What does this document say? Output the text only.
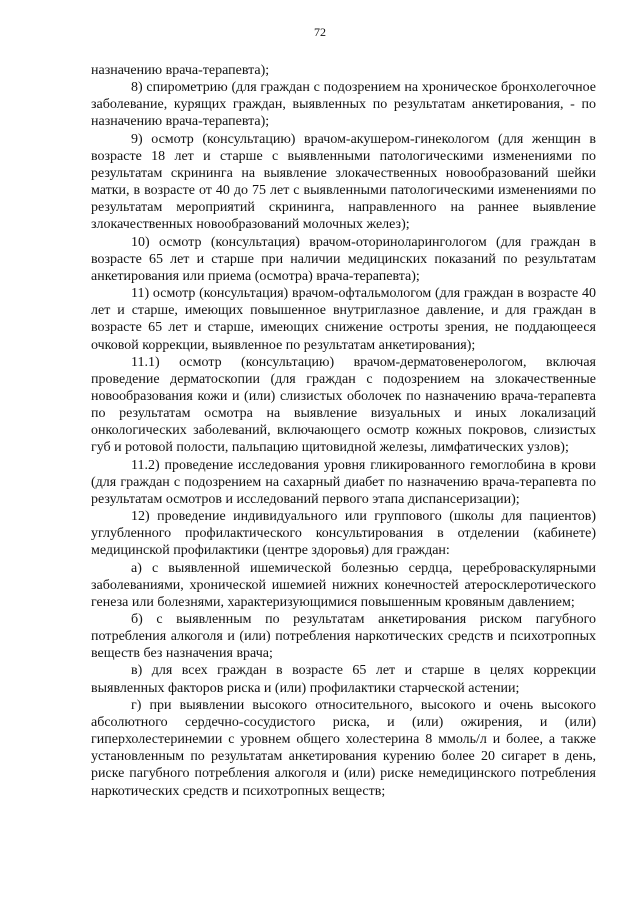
72

назначению врача-терапевта);

8) спирометрию (для граждан с подозрением на хроническое бронхолегочное заболевание, курящих граждан, выявленных по результатам анкетирования, - по назначению врача-терапевта);

9) осмотр (консультацию) врачом-акушером-гинекологом (для женщин в возрасте 18 лет и старше с выявленными патологическими изменениями по результатам скрининга на выявление злокачественных новообразований шейки матки, в возрасте от 40 до 75 лет с выявленными патологическими изменениями по результатам мероприятий скрининга, направленного на раннее выявление злокачественных новообразований молочных желез);

10) осмотр (консультация) врачом-оториноларингологом (для граждан в возрасте 65 лет и старше при наличии медицинских показаний по результатам анкетирования или приема (осмотра) врача-терапевта);

11) осмотр (консультация) врачом-офтальмологом (для граждан в возрасте 40 лет и старше, имеющих повышенное внутриглазное давление, и для граждан в возрасте 65 лет и старше, имеющих снижение остроты зрения, не поддающееся очковой коррекции, выявленное по результатам анкетирования);

11.1) осмотр (консультацию) врачом-дерматовенерологом, включая проведение дерматоскопии (для граждан с подозрением на злокачественные новообразования кожи и (или) слизистых оболочек по назначению врача-терапевта по результатам осмотра на выявление визуальных и иных локализаций онкологических заболеваний, включающего осмотр кожных покровов, слизистых губ и ротовой полости, пальпацию щитовидной железы, лимфатических узлов);

11.2) проведение исследования уровня гликированного гемоглобина в крови (для граждан с подозрением на сахарный диабет по назначению врача-терапевта по результатам осмотров и исследований первого этапа диспансеризации);

12) проведение индивидуального или группового (школы для пациентов) углубленного профилактического консультирования в отделении (кабинете) медицинской профилактики (центре здоровья) для граждан:

а) с выявленной ишемической болезнью сердца, цереброваскулярными заболеваниями, хронической ишемией нижних конечностей атеросклеротического генеза или болезнями, характеризующимися повышенным кровяным давлением;

б) с выявленным по результатам анкетирования риском пагубного потребления алкоголя и (или) потребления наркотических средств и психотропных веществ без назначения врача;

в) для всех граждан в возрасте 65 лет и старше в целях коррекции выявленных факторов риска и (или) профилактики старческой астении;

г) при выявлении высокого относительного, высокого и очень высокого абсолютного сердечно-сосудистого риска, и (или) ожирения, и (или) гиперхолестеринемии с уровнем общего холестерина 8 ммоль/л и более, а также установленным по результатам анкетирования курению более 20 сигарет в день, риске пагубного потребления алкоголя и (или) риске немедицинского потребления наркотических средств и психотропных веществ;
